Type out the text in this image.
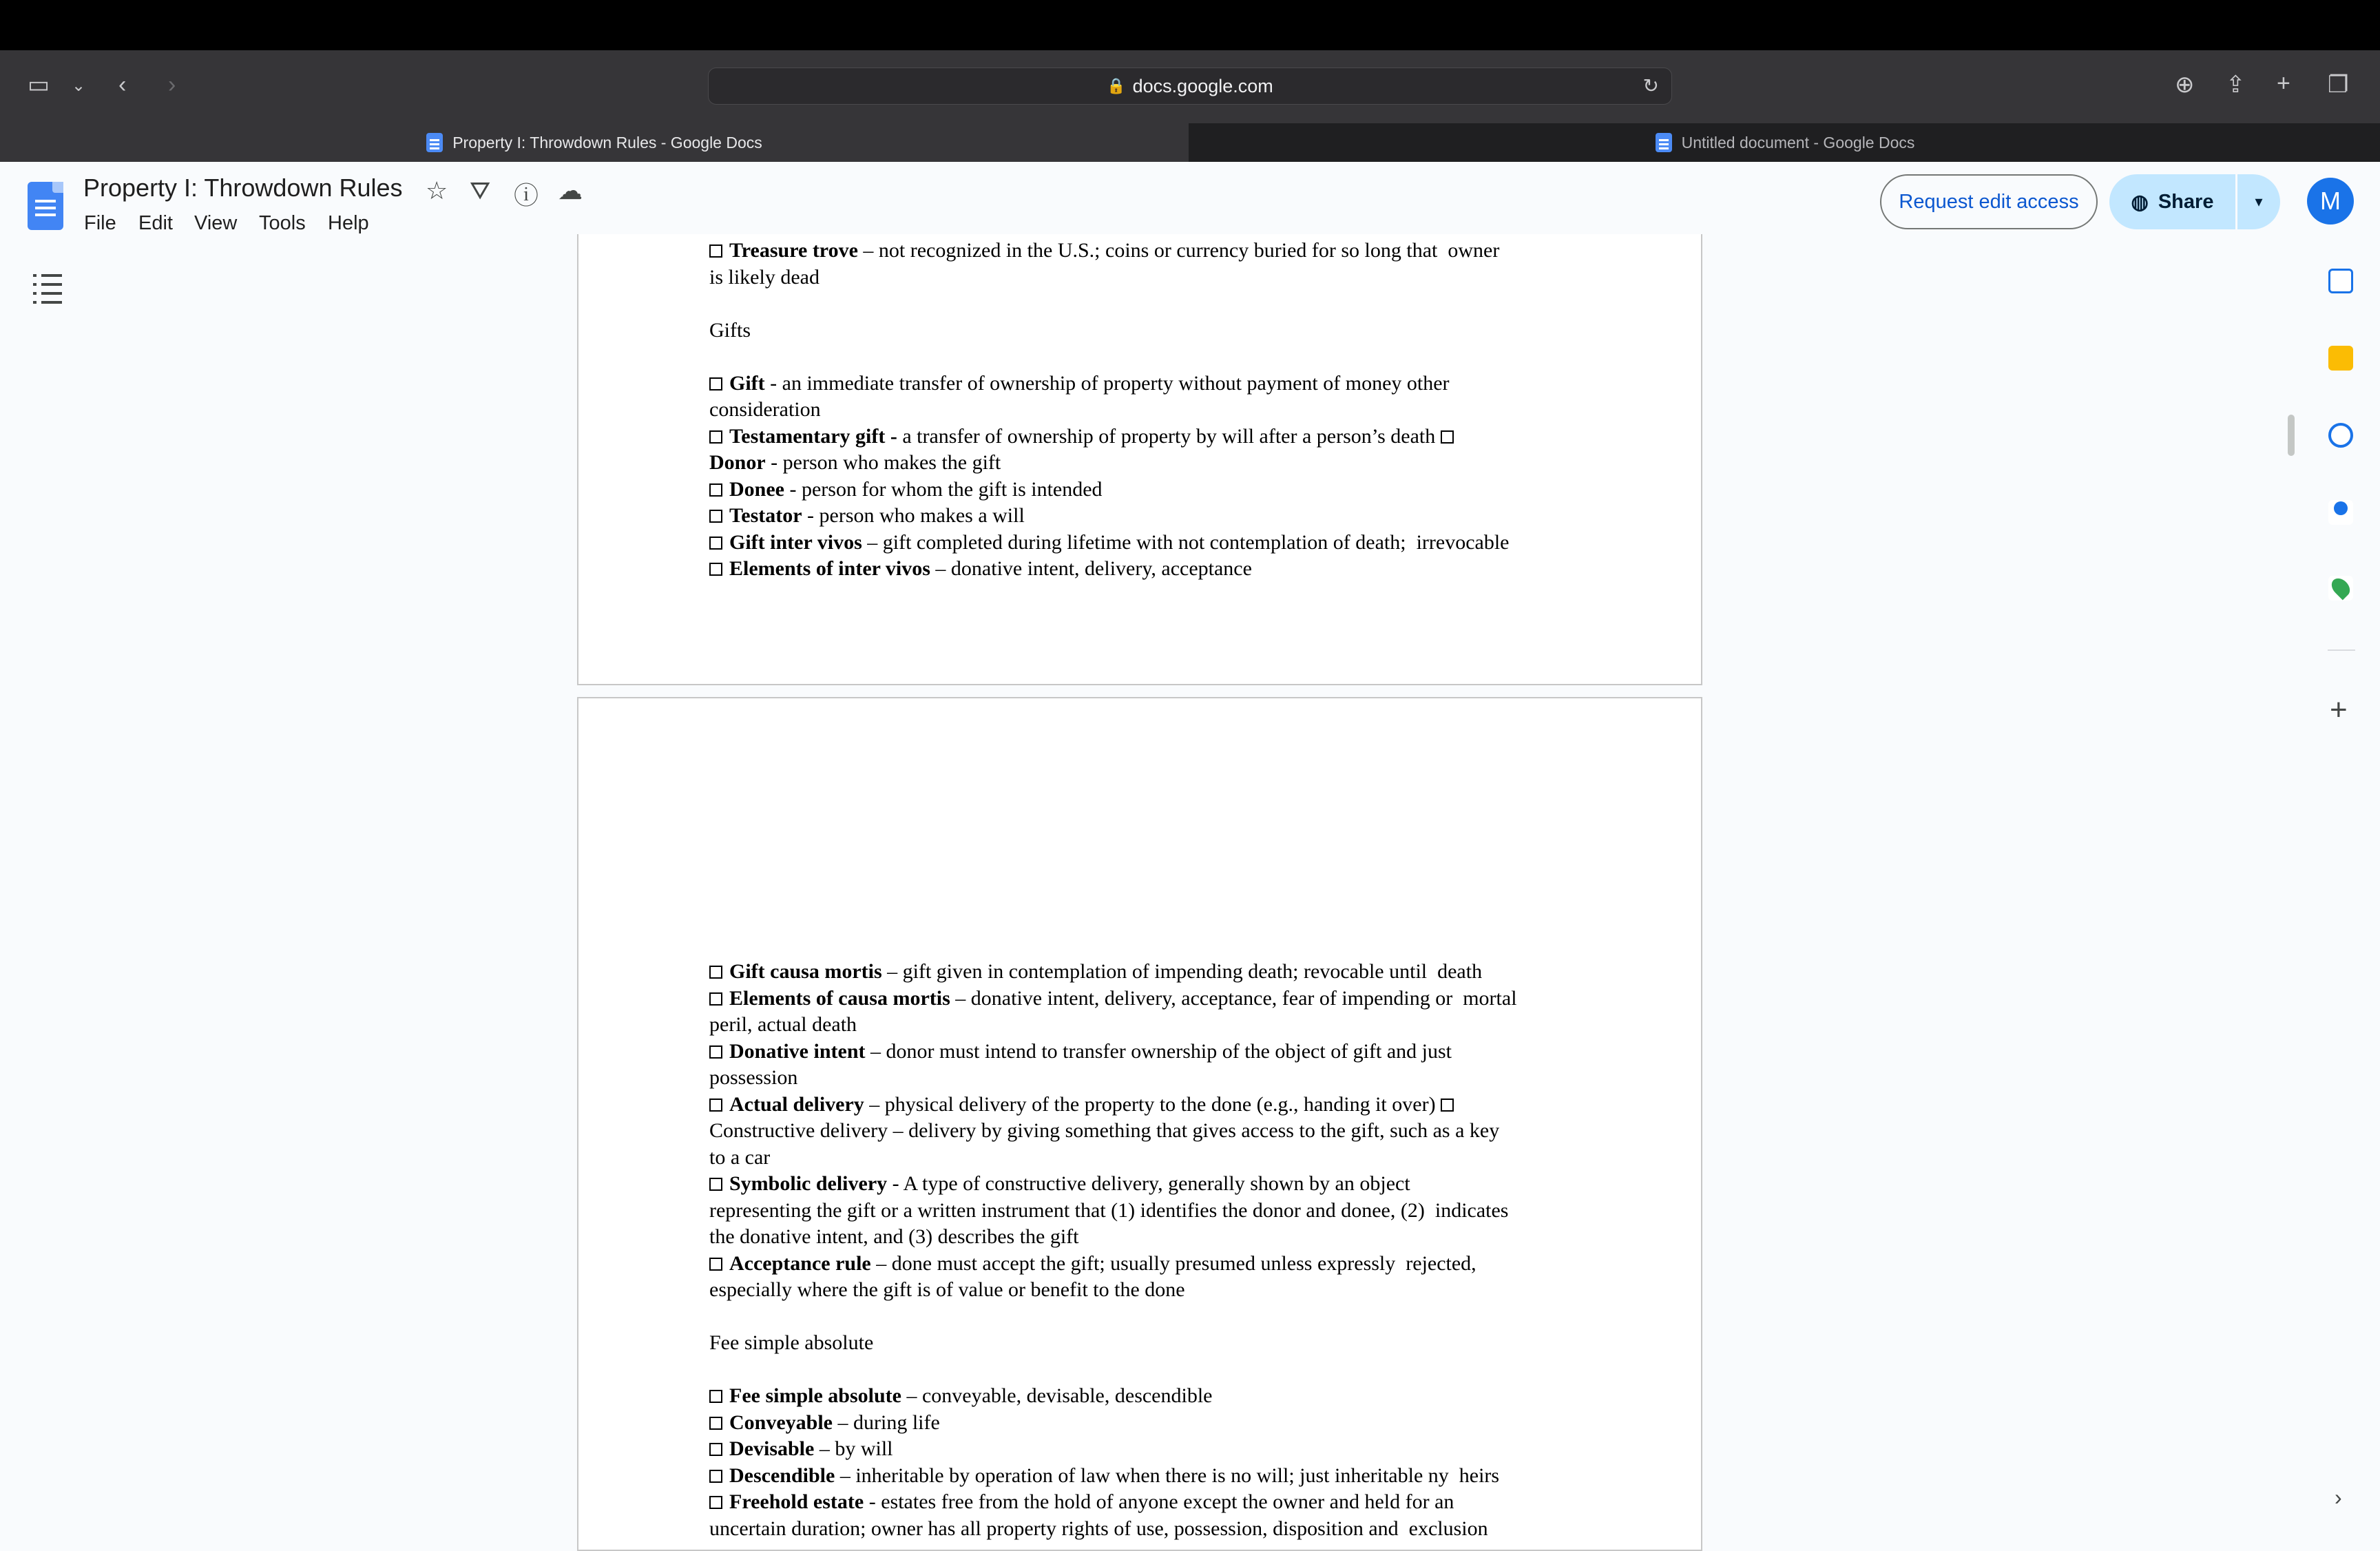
▭ ⌄ ‹ ›	⊕ ⇪ + ❐
🔒 docs.google.com	↻
Property I: Throwdown Rules - Google Docs	Untitled document - Google Docs
Property I: Throwdown Rules ☆ ⛛ ⓘ ☁
File Edit View Tools Help
Request edit access	◍ Share	▾	M

Treasure trove – not recognized in the U.S.; coins or currency buried for so long that  owner

is likely dead

Gifts

Gift - an immediate transfer of ownership of property without payment of money other

consideration

Testamentary gift - a transfer of ownership of property by will after a person’s death

Donor - person who makes the gift

Donee - person for whom the gift is intended

Testator - person who makes a will

Gift inter vivos – gift completed during lifetime with not contemplation of death;  irrevocable

Elements of inter vivos – donative intent, delivery, acceptance

Gift causa mortis – gift given in contemplation of impending death; revocable until  death

Elements of causa mortis – donative intent, delivery, acceptance, fear of impending or  mortal

peril, actual death

Donative intent – donor must intend to transfer ownership of the object of gift and just

possession

Actual delivery – physical delivery of the property to the done (e.g., handing it over)

Constructive delivery – delivery by giving something that gives access to the gift, such as a key

to a car

Symbolic delivery - A type of constructive delivery, generally shown by an object

representing the gift or a written instrument that (1) identifies the donor and donee, (2)  indicates

the donative intent, and (3) describes the gift

Acceptance rule – done must accept the gift; usually presumed unless expressly  rejected,

especially where the gift is of value or benefit to the done

Fee simple absolute

Fee simple absolute – conveyable, devisable, descendible

Conveyable – during life

Devisable – by will

Descendible – inheritable by operation of law when there is no will; just inheritable ny  heirs

Freehold estate - estates free from the hold of anyone except the owner and held for an

uncertain duration; owner has all property rights of use, possession, disposition and  exclusion

+
›
